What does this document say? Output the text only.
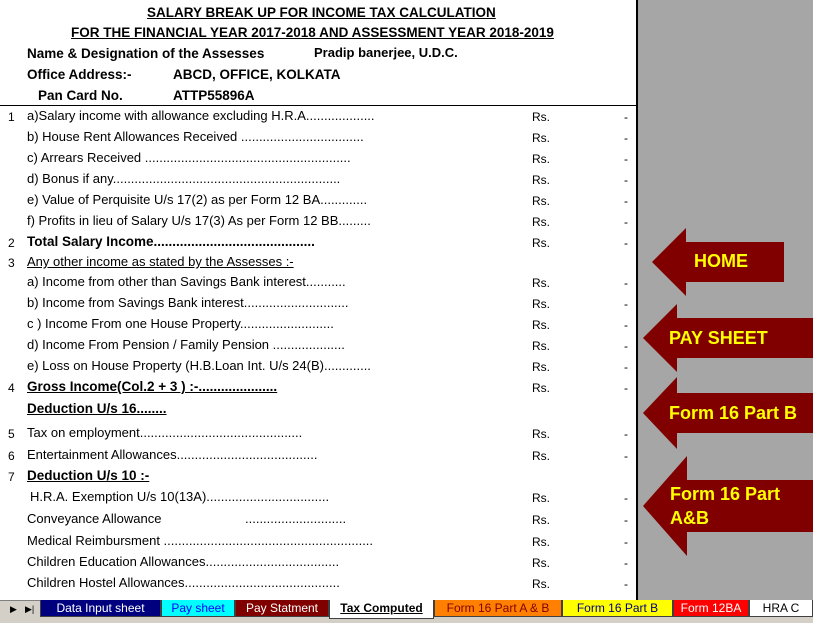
SALARY BREAK UP FOR INCOME TAX CALCULATION
FOR THE FINANCIAL YEAR 2017-2018 AND ASSESSMENT YEAR 2018-2019
Name & Designation of the Assesses	Pradip banerjee, U.D.C.
Office Address:-	ABCD, OFFICE, KOLKATA
Pan Card No.	ATTP55896A
1 a)Salary income with allowance excluding H.R.A...................	Rs.	-
b) House Rent Allowances Received ..................................	Rs.	-
c) Arrears Received .........................................................	Rs.	-
d) Bonus if any...............................................................	Rs.	-
e) Value of Perquisite U/s 17(2) as per Form 12 BA.............	Rs.	-
f) Profits in lieu of Salary U/s 17(3) As per Form 12 BB.........	Rs.	-
2 Total Salary Income...........................................	Rs.	-
3 Any other income as stated by the Assesses :-
a) Income from other than Savings Bank interest...........	Rs.	-
b) Income from Savings Bank interest.............................	Rs.	-
c ) Income From one House Property..........................	Rs.	-
d) Income From Pension / Family Pension ....................	Rs.	-
e) Loss on House Property (H.B.Loan Int. U/s 24(B).............	Rs.	-
4 Gross Income(Col.2 + 3 ) :-.....................	Rs.	-
Deduction U/s 16........
5 Tax on employment.............................................	Rs.	-
6 Entertainment Allowances.......................................	Rs.	-
7 Deduction U/s 10 :-
H.R.A. Exemption U/s 10(13A)..................................	Rs.	-
Conveyance Allowance	............................	Rs.	-
Medical Reimbursment ..........................................................	Rs.	-
Children Education Allowances.....................................	Rs.	-
Children Hostel Allowances...........................................	Rs.	-
HOME
PAY SHEET
Form 16 Part B
Form 16 Part
A&B
▶ ▶|	Data Input sheet	Pay sheet	Pay Statment	Tax Computed	Form 16 Part A & B	Form 16 Part B	Form 12BA	HRA C
